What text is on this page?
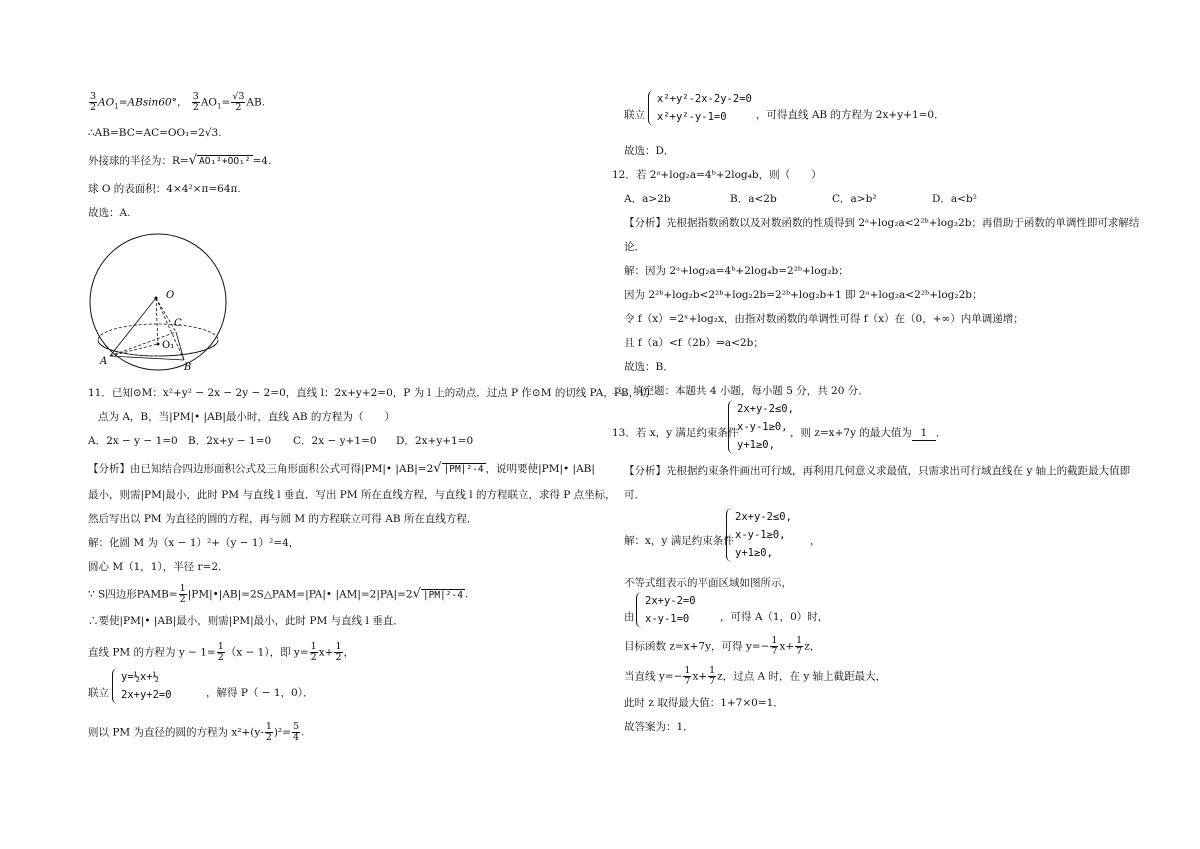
$\frac{3}{2} AO_1=ABsin60^\circ$， $\frac{3}{2} AO_1= \frac{√3}{2}$ AB.
∴AB=BC=AC=OO₁=2√3.
外接球的半径为：R=√ AO₁²+OO₁² =4.
球 O 的表面积：4×4²×π=64π.
故选：A.
O
C
O₁
A
B
11．已知⊙M：x²+y² − 2x − 2y − 2=0，直线 l：2x+y+2=0，P 为 l 上的动点．过点 P 作⊙M 的切线 PA，PB，切
点为 A，B，当|PM|• |AB|最小时，直线 AB 的方程为（　　）
A．2x − y − 1=0 B．2x+y − 1=0 C．2x − y+1=0 D．2x+y+1=0
【分析】由已知结合四边形面积公式及三角形面积公式可得|PM|• |AB|=2√ |PM|²-4 ，说明要使|PM|• |AB|
最小，则需|PM|最小，此时 PM 与直线 l 垂直．写出 PM 所在直线方程，与直线 l 的方程联立，求得 P 点坐标，
然后写出以 PM 为直径的圆的方程，再与圆 M 的方程联立可得 AB 所在直线方程．
解：化圆 M 为（x − 1）²+（y − 1）²=4，
圆心 M（1，1），半径 r=2．
∵ S四边形PAMB= $\frac{1}{2}$ |PM|•|AB|=2S△PAM=|PA|• |AM|=2|PA|=2√ |PM|²-4 .
∴要使|PM|• |AB|最小，则需|PM|最小，此时 PM 与直线 l 垂直．
直线 PM 的方程为 $y - 1= \frac{1}{2} (x - 1)$，即 $y= \frac{1}{2} x+ \frac{1}{2}$ ，
联立
y=½x+½
2x+y+2=0	，解得 P（ − 1，0）．
则以 PM 为直径的圆的方程为 $x^2+(y- \frac{1}{2} )^2= \frac{5}{4}$ .
联立
x²+y²-2x-2y-2=0
x²+y²-y-1=0	，可得直线 AB 的方程为 2x+y+1=0．
故选：D．
12．若 2ᵃ+log₂a=4ᵇ+2log₄b，则（　　）
A．a>2b	B．a<2b	C．a>b²	D．a<b²
【分析】先根据指数函数以及对数函数的性质得到 2ᵃ+log₂a<2²ᵇ+log₂2b；再借助于函数的单调性即可求解结
论．
解：因为 2ᵃ+log₂a=4ᵇ+2log₄b=2²ᵇ+log₂b；
因为 2²ᵇ+log₂b<2²ᵇ+log₂2b=2²ᵇ+log₂b+1 即 2ᵃ+log₂a<2²ᵇ+log₂2b；
令 f（x）=2ˣ+log₂x，由指对数函数的单调性可得 f（x）在（0，+∞）内单调递增；
且 f（a）<f（2b）⇒a<2b；
故选：B．
二、填空题：本题共 4 小题，每小题 5 分，共 20 分．
13．若 x，y 满足约束条件
2x+y-2≤0,
x-y-1≥0,
y+1≥0,
，则 z=x+7y 的最大值为 1 ．
【分析】先根据约束条件画出可行域，再利用几何意义求最值，只需求出可行域直线在 y 轴上的截距最大值即
可．
解：x，y 满足约束条件
2x+y-2≤0,
x-y-1≥0,
y+1≥0,
，
不等式组表示的平面区域如图所示，
由
2x+y-2=0
x-y-1=0	，可得 A（1，0）时，
目标函数 z=x+7y，可得 $y=- \frac{1}{7} x+ \frac{1}{7}$ z，
当直线 $y=- \frac{1}{7} x+ \frac{1}{7}$ z，过点 A 时，在 y 轴上截距最大，
此时 z 取得最大值：1+7×0=1．
故答案为：1．
